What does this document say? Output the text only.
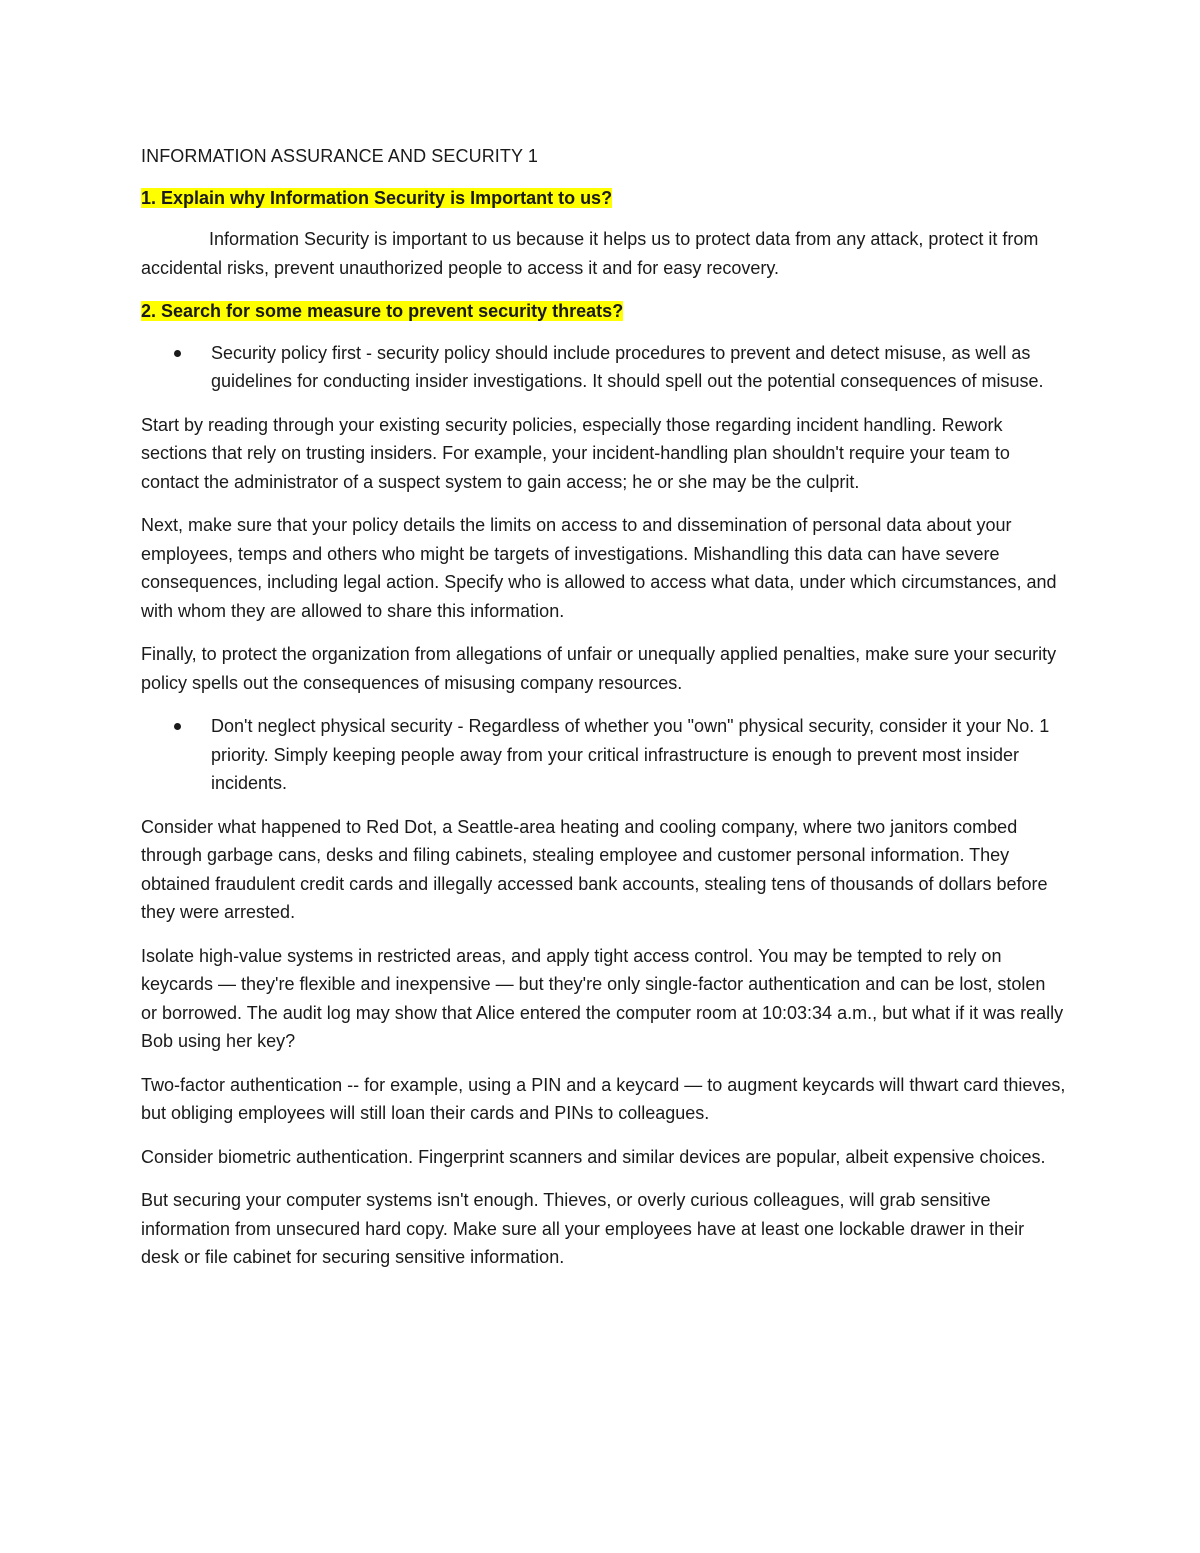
INFORMATION ASSURANCE AND SECURITY 1

1. Explain why Information Security is Important to us?

Information Security is important to us because it helps us to protect data from any attack, protect it from accidental risks, prevent unauthorized people to access it and for easy recovery.

2. Search for some measure to prevent security threats?

Security policy first - security policy should include procedures to prevent and detect misuse, as well as guidelines for conducting insider investigations. It should spell out the potential consequences of misuse.

Start by reading through your existing security policies, especially those regarding incident handling. Rework sections that rely on trusting insiders. For example, your incident-handling plan shouldn't require your team to contact the administrator of a suspect system to gain access; he or she may be the culprit.

Next, make sure that your policy details the limits on access to and dissemination of personal data about your employees, temps and others who might be targets of investigations. Mishandling this data can have severe consequences, including legal action. Specify who is allowed to access what data, under which circumstances, and with whom they are allowed to share this information.

Finally, to protect the organization from allegations of unfair or unequally applied penalties, make sure your security policy spells out the consequences of misusing company resources.

Don't neglect physical security - Regardless of whether you "own" physical security, consider it your No. 1 priority. Simply keeping people away from your critical infrastructure is enough to prevent most insider incidents.

Consider what happened to Red Dot, a Seattle-area heating and cooling company, where two janitors combed through garbage cans, desks and filing cabinets, stealing employee and customer personal information. They obtained fraudulent credit cards and illegally accessed bank accounts, stealing tens of thousands of dollars before they were arrested.

Isolate high-value systems in restricted areas, and apply tight access control. You may be tempted to rely on keycards — they're flexible and inexpensive — but they're only single-factor authentication and can be lost, stolen or borrowed. The audit log may show that Alice entered the computer room at 10:03:34 a.m., but what if it was really Bob using her key?

Two-factor authentication -- for example, using a PIN and a keycard — to augment keycards will thwart card thieves, but obliging employees will still loan their cards and PINs to colleagues.

Consider biometric authentication. Fingerprint scanners and similar devices are popular, albeit expensive choices.

But securing your computer systems isn't enough. Thieves, or overly curious colleagues, will grab sensitive information from unsecured hard copy. Make sure all your employees have at least one lockable drawer in their desk or file cabinet for securing sensitive information.
